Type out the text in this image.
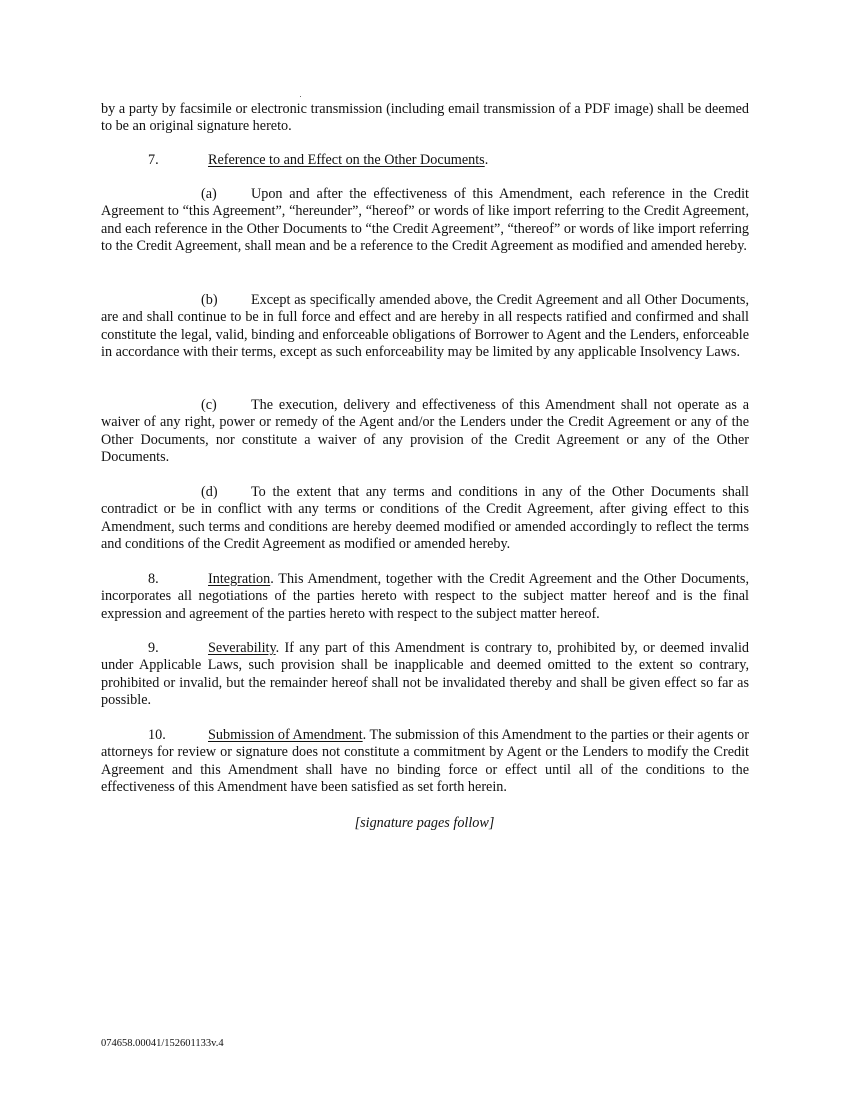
by a party by facsimile or electronic transmission (including email transmission of a PDF image) shall be deemed to be an original signature hereto.

7.	Reference to and Effect on the Other Documents.

(a) Upon and after the effectiveness of this Amendment, each reference in the Credit Agreement to “this Agreement”, “hereunder”, “hereof” or words of like import referring to the Credit Agreement, and each reference in the Other Documents to “the Credit Agreement”, “thereof” or words of like import referring to the Credit Agreement, shall mean and be a reference to the Credit Agreement as modified and amended hereby.

(b) Except as specifically amended above, the Credit Agreement and all Other Documents, are and shall continue to be in full force and effect and are hereby in all respects ratified and confirmed and shall constitute the legal, valid, binding and enforceable obligations of Borrower to Agent and the Lenders, enforceable in accordance with their terms, except as such enforceability may be limited by any applicable Insolvency Laws.

(c) The execution, delivery and effectiveness of this Amendment shall not operate as a waiver of any right, power or remedy of the Agent and/or the Lenders under the Credit Agreement or any of the Other Documents, nor constitute a waiver of any provision of the Credit Agreement or any of the Other Documents.

(d) To the extent that any terms and conditions in any of the Other Documents shall contradict or be in conflict with any terms or conditions of the Credit Agreement, after giving effect to this Amendment, such terms and conditions are hereby deemed modified or amended accordingly to reflect the terms and conditions of the Credit Agreement as modified or amended hereby.

8.	Integration. This Amendment, together with the Credit Agreement and the Other Documents, incorporates all negotiations of the parties hereto with respect to the subject matter hereof and is the final expression and agreement of the parties hereto with respect to the subject matter hereof.

9.	Severability. If any part of this Amendment is contrary to, prohibited by, or deemed invalid under Applicable Laws, such provision shall be inapplicable and deemed omitted to the extent so contrary, prohibited or invalid, but the remainder hereof shall not be invalidated thereby and shall be given effect so far as possible.

10.	Submission of Amendment. The submission of this Amendment to the parties or their agents or attorneys for review or signature does not constitute a commitment by Agent or the Lenders to modify the Credit Agreement and this Amendment shall have no binding force or effect until all of the conditions to the effectiveness of this Amendment have been satisfied as set forth herein.

[signature pages follow]

074658.00041/152601133v.4
